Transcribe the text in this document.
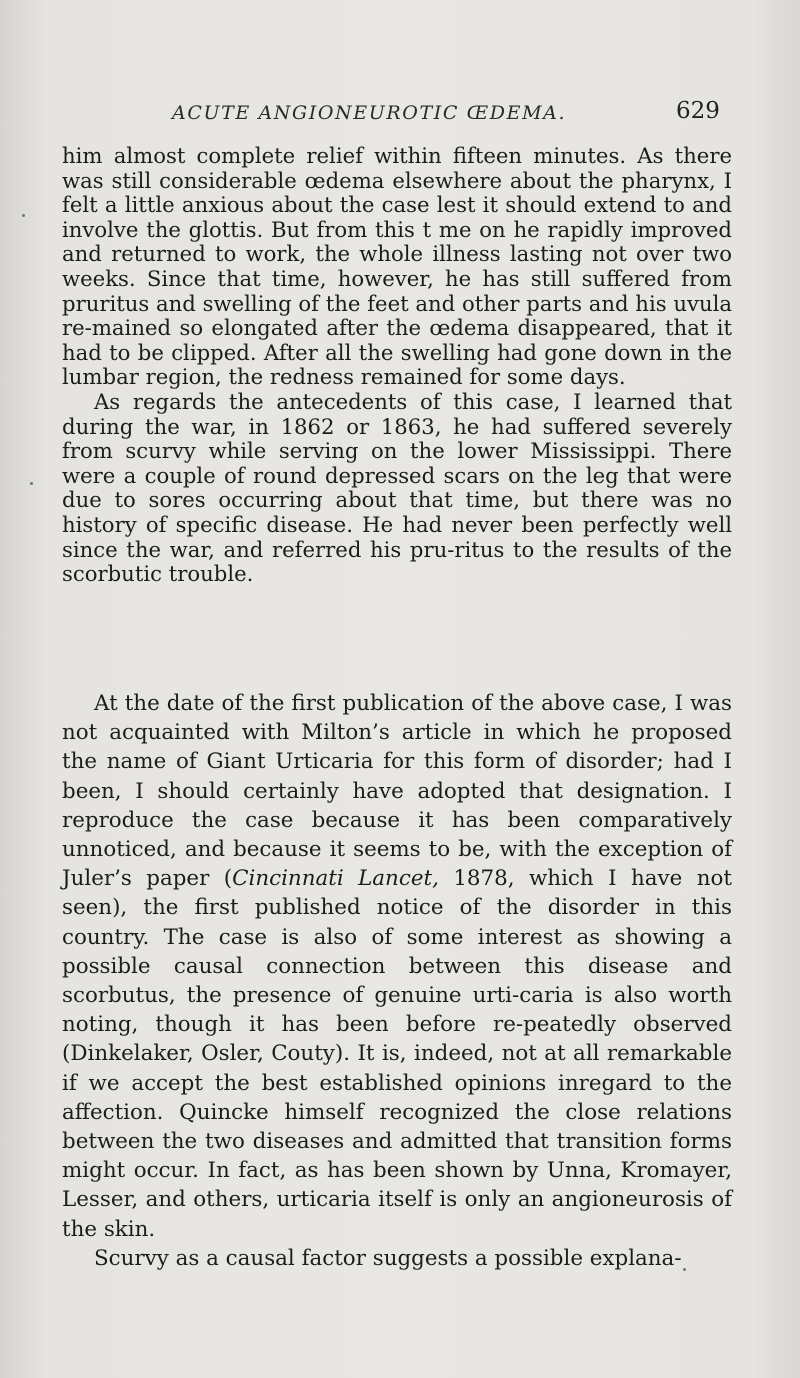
ACUTE ANGIONEUROTIC ŒDEMA.	629

him almost complete relief within fifteen minutes. As there was still considerable œdema elsewhere about the pharynx, I felt a little anxious about the case lest it should extend to and involve the glottis. But from this t me on he rapidly improved and returned to work, the whole illness lasting not over two weeks. Since that time, however, he has still suffered from pruritus and swelling of the feet and other parts and his uvula re-mained so elongated after the œdema disappeared, that it had to be clipped. After all the swelling had gone down in the lumbar region, the redness remained for some days.

As regards the antecedents of this case, I learned that during the war, in 1862 or 1863, he had suffered severely from scurvy while serving on the lower Mississippi. There were a couple of round depressed scars on the leg that were due to sores occurring about that time, but there was no history of specific disease. He had never been perfectly well since the war, and referred his pru-ritus to the results of the scorbutic trouble.

At the date of the first publication of the above case, I was not acquainted with Milton’s article in which he proposed the name of Giant Urticaria for this form of disorder; had I been, I should certainly have adopted that designation. I reproduce the case because it has been comparatively unnoticed, and because it seems to be, with the exception of Juler’s paper (Cincinnati Lancet, 1878, which I have not seen), the first published notice of the disorder in this country. The case is also of some interest as showing a possible causal connection between this disease and scorbutus, the presence of genuine urti-caria is also worth noting, though it has been before re-peatedly observed (Dinkelaker, Osler, Couty). It is, indeed, not at all remarkable if we accept the best established opinions inregard to the affection. Quincke himself recognized the close relations between the two diseases and admitted that transition forms might occur. In fact, as has been shown by Unna, Kromayer, Lesser, and others, urticaria itself is only an angioneurosis of the skin.

Scurvy as a causal factor suggests a possible explana-
